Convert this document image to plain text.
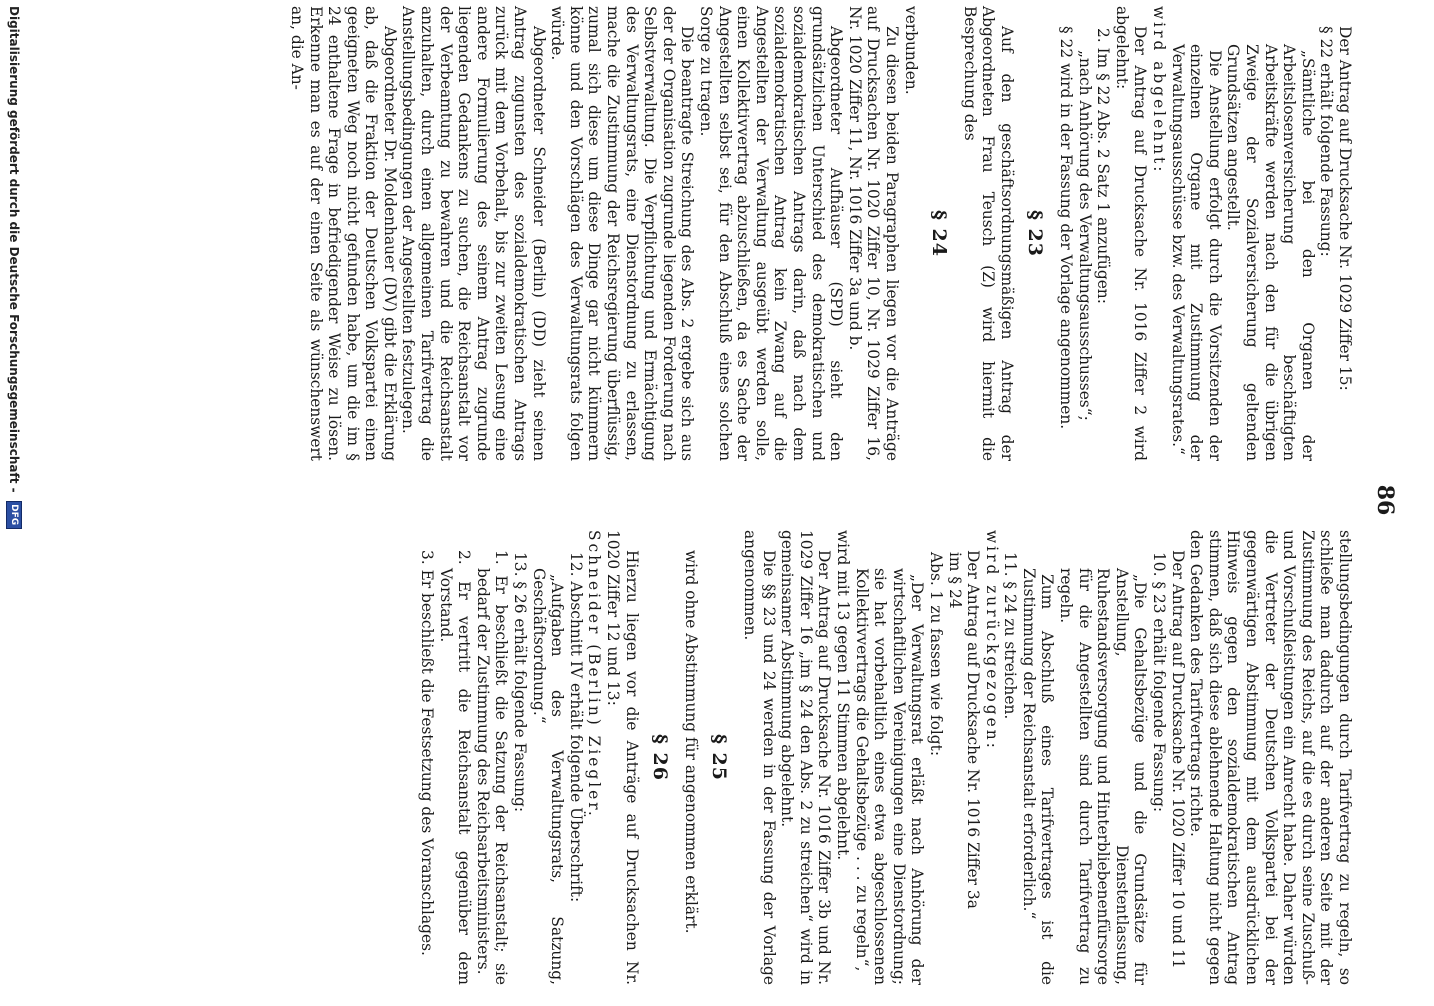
86

Der Antrag auf Drucksache Nr. 1029 Ziffer 15:

§ 22 erhält folgende Fassung:

„Sämtliche bei den Organen der Arbeitslosenversicherung beschäftigten Arbeitskräfte werden nach den für die übrigen Zweige der Sozialversicherung geltenden Grundsätzen angestellt.

Die Anstellung erfolgt durch die Vorsitzenden der einzelnen Organe mit Zustimmung der Verwaltungsausschüsse bzw. des Verwaltungsrates.“

wird abgelehnt:

Der Antrag auf Drucksache Nr. 1016 Ziffer 2 wird abgelehnt:

2. Im § 22 Abs. 2 Satz 1 anzufügen:

„nach Anhörung des Verwaltungsausschusses“;

§ 22 wird in der Fassung der Vorlage angenommen.

§ 23

Auf den geschäftsordnungsmäßigen Antrag der Abgeordneten Frau Teusch (Z) wird hiermit die Besprechung des

§ 24

verbunden.

Zu diesen beiden Paragraphen liegen vor die Anträge auf Drucksachen Nr. 1020 Ziffer 10, Nr. 1029 Ziffer 16, Nr. 1020 Ziffer 11, Nr. 1016 Ziffer 3a und b.

Abgeordneter Aufhäuser (SPD) sieht den grundsätzlichen Unterschied des demokratischen und sozialdemokratischen Antrags darin, daß nach dem sozialdemokratischen Antrag kein Zwang auf die Angestellten der Verwaltung ausgeübt werden solle, einen Kollektivvertrag abzuschließen, da es Sache der Angestellten selbst sei, für den Abschluß eines solchen Sorge zu tragen.

Die beantragte Streichung des Abs. 2 ergebe sich aus der der Organisation zugrunde liegenden Forderung nach Selbstverwaltung. Die Verpflichtung und Ermächtigung des Verwaltungsrats, eine Dienstordnung zu erlassen, mache die Zustimmung der Reichsregierung überflüssig, zumal sich diese um diese Dinge gar nicht kümmern könne und den Vorschlägen des Verwaltungsrats folgen würde.

Abgeordneter Schneider (Berlin) (DD) zieht seinen Antrag zugunsten des sozialdemokratischen Antrags zurück mit dem Vorbehalt, bis zur zweiten Lesung eine andere Formulierung des seinem Antrag zugrunde liegenden Gedankens zu suchen, die Reichsanstalt vor der Verbeamtung zu bewahren und die Reichsanstalt anzuhalten, durch einen allgemeinen Tarifvertrag die Anstellungsbedingungen der Angestellten festzulegen.

Abgeordneter Dr. Moldenhauer (DV) gibt die Erklärung ab, daß die Fraktion der Deutschen Volkspartei einen geeigneten Weg noch nicht gefunden habe, um die im § 24 enthaltene Frage in befriedigender Weise zu lösen. Erkenne man es auf der einen Seite als wünschenswert an, die An-

stellungsbedingungen durch Tarifvertrag zu regeln, so schließe man dadurch auf der anderen Seite mit der Zustimmung des Reichs, auf die es durch seine Zuschuß- und Vorschußleistungen ein Anrecht habe. Daher würden die Vertreter der Deutschen Volkspartei bei der gegenwärtigen Abstimmung mit dem ausdrücklichen Hinweis gegen den sozialdemokratischen Antrag stimmen, daß sich diese ablehnende Haltung nicht gegen den Gedanken des Tarifvertrags richte.

Der Antrag auf Drucksache Nr. 1020 Ziffer 10 und 11

10. § 23 erhält folgende Fassung:

„Die Gehaltsbezüge und die Grundsätze für Anstellung, Dienstentlassung, Ruhestandsversorgung und Hinterbliebenenfürsorge für die Angestellten sind durch Tarifvertrag zu regeln.

Zum Abschluß eines Tarifvertrages ist die Zustimmung der Reichsanstalt erforderlich.“

11. § 24 zu streichen.

wird zurückgezogen:

Der Antrag auf Drucksache Nr. 1016 Ziffer 3a

im § 24

Abs. 1 zu fassen wie folgt:

„Der Verwaltungsrat erläßt nach Anhörung der wirtschaftlichen Vereinigungen eine Dienstordnung; sie hat vorbehaltlich eines etwa abgeschlossenen Kollektivvertrags die Gehaltsbezüge . . . zu regeln“,

wird mit 13 gegen 11 Stimmen abgelehnt.

Der Antrag auf Drucksache Nr. 1016 Ziffer 3b und Nr. 1029 Ziffer 16 „im § 24 den Abs. 2 zu streichen“ wird in gemeinsamer Abstimmung abgelehnt.

Die §§ 23 und 24 werden in der Fassung der Vorlage angenommen.

§ 25

wird ohne Abstimmung für angenommen erklärt.

§ 26

Hierzu liegen vor die Anträge auf Drucksachen Nr. 1020 Ziffer 12 und 13:

Schneider (Berlin) Ziegler.

12. Abschnitt IV erhält folgende Überschrift:

„Aufgaben des Verwaltungsrats, Satzung, Geschäftsordnung.“

13. § 26 erhält folgende Fassung:

1. Er beschließt die Satzung der Reichsanstalt; sie bedarf der Zustimmung des Reichsarbeitsministers.

2. Er vertritt die Reichsanstalt gegenüber dem Vorstand.

3. Er beschließt die Festsetzung des Voranschlages.

Digitalisierung gefördert durch die Deutsche Forschungsgemeinschaft -
DFG
